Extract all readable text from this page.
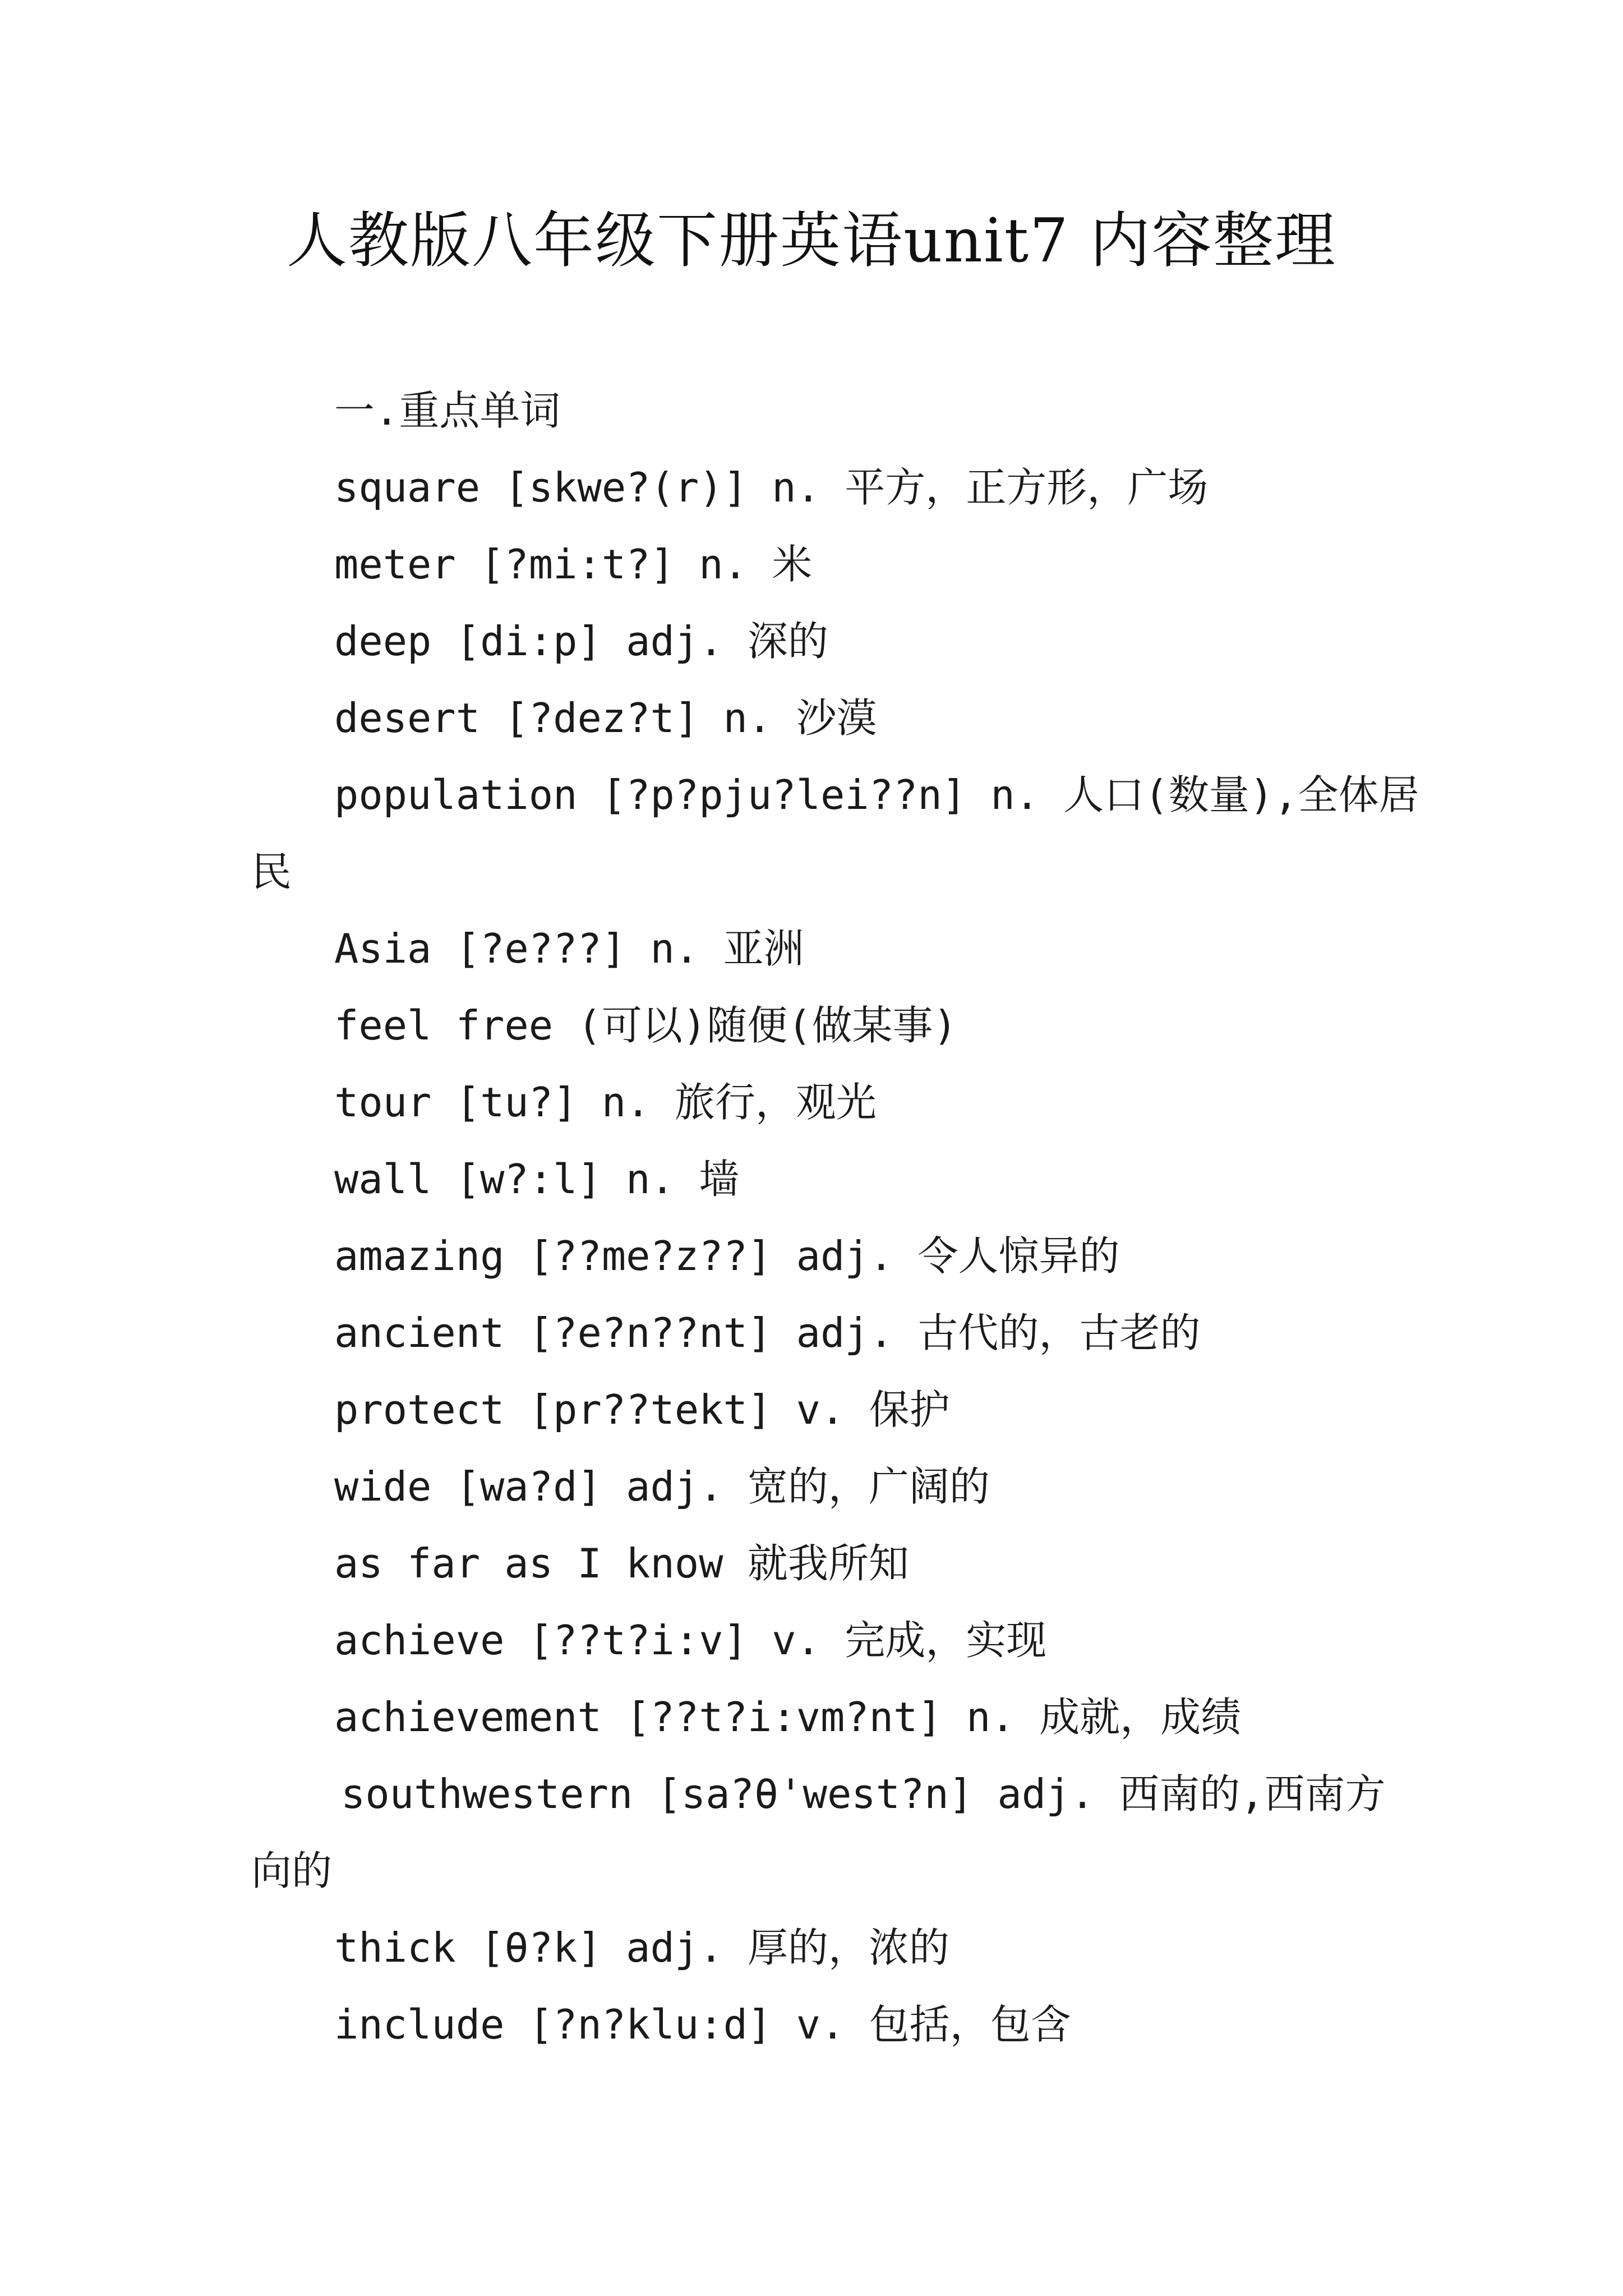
人教版八年级下册英语unit7 内容整理
一.重点单词
square [skwe?(r)] n. 平方，正方形，广场
meter [?mi:t?] n. 米
deep [di:p] adj. 深的
desert [?dez?t] n. 沙漠
population [?p?pju?lei??n] n. 人口(数量),全体居
民
Asia [?e???] n. 亚洲
feel free (可以)随便(做某事)
tour [tu?] n. 旅行，观光
wall [w?:l] n. 墙
amazing [??me?z??] adj. 令人惊异的
ancient [?e?n??nt] adj. 古代的，古老的
protect [pr??tekt] v. 保护
wide [wa?d] adj. 宽的，广阔的
as far as I know 就我所知
achieve [??t?i:v] v. 完成，实现
achievement [??t?i:vm?nt] n. 成就，成绩
southwestern [sa?θ'west?n] adj. 西南的,西南方
向的
thick [θ?k] adj. 厚的，浓的
include [?n?klu:d] v. 包括，包含
